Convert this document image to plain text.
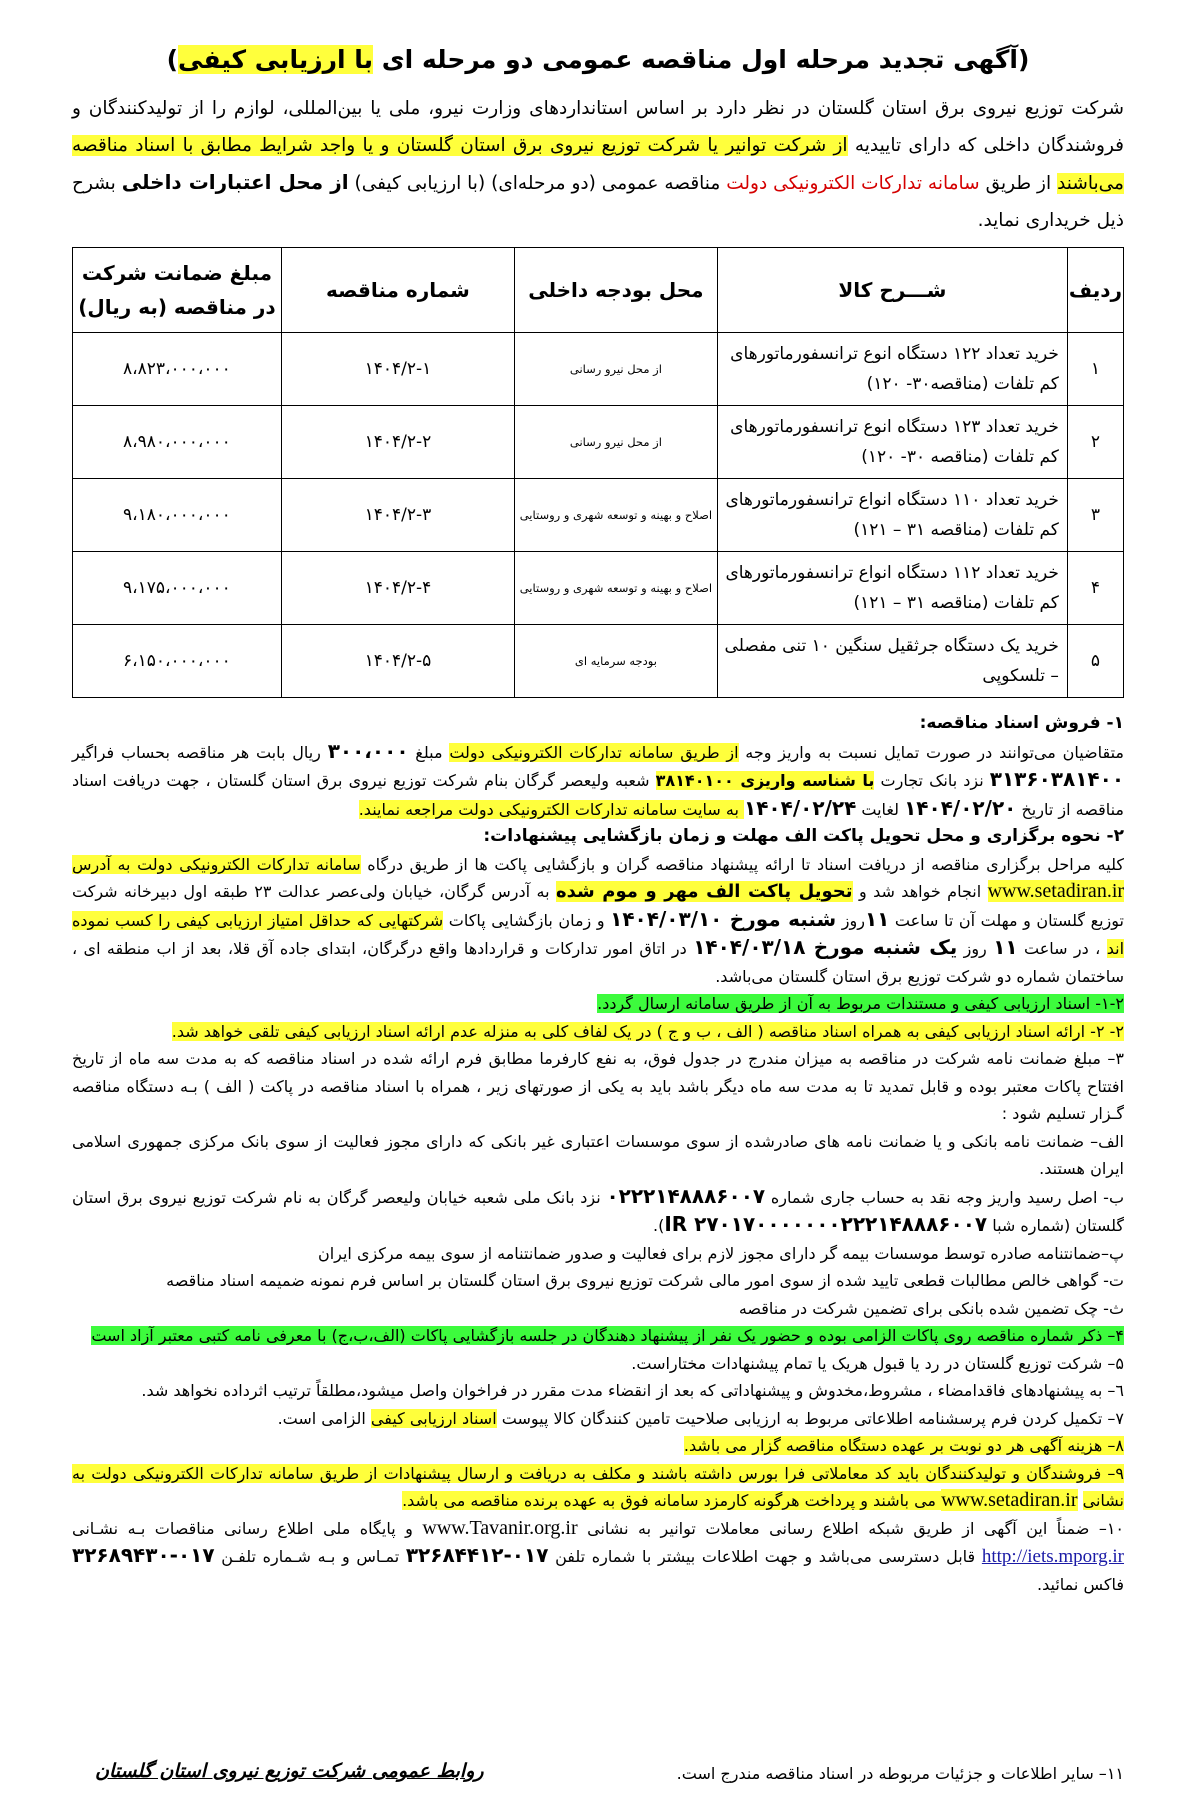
(آگهی تجدید مرحله اول مناقصه عمومی دو مرحله ای با ارزیابی کیفی)
شرکت توزیع نیروی برق استان گلستان در نظر دارد بر اساس استانداردهای وزارت نیرو، ملی یا بین‌المللی، لوازم را از تولیدکنندگان و فروشندگان داخلی که دارای تاییدیه از شرکت توانیر یا شرکت توزیع نیروی برق استان گلستان و یا واجد شرایط مطابق با اسناد مناقصه می‌باشند از طریق سامانه تدارکات الکترونیکی دولت مناقصه عمومی (دو مرحله‌ای) (با ارزیابی کیفی) از محل اعتبارات داخلی بشرح ذیل خریداری نماید.
ردیف	شـــرح کالا	محل بودجه داخلی	شماره مناقصه	مبلغ ضمانت شرکت در مناقصه (به ریال)
۱	خرید تعداد ۱۲۲ دستگاه انوع ترانسفورماتورهای کم تلفات (مناقصه۳۰- ۱۲۰)	از محل نیرو رسانی	۱۴۰۴/۲-۱	۸،۸۲۳،۰۰۰،۰۰۰
۲	خرید تعداد ۱۲۳ دستگاه انوع ترانسفورماتورهای کم تلفات (مناقصه ۳۰- ۱۲۰)	از محل نیرو رسانی	۱۴۰۴/۲-۲	۸،۹۸۰،۰۰۰،۰۰۰
۳	خرید تعداد ۱۱۰ دستگاه انواع ترانسفورماتورهای کم تلفات (مناقصه ۳۱ – ۱۲۱)	اصلاح و بهینه و توسعه شهری و روستایی	۱۴۰۴/۲-۳	۹،۱۸۰،۰۰۰،۰۰۰
۴	خرید تعداد ۱۱۲ دستگاه انواع ترانسفورماتورهای کم تلفات (مناقصه ۳۱ – ۱۲۱)	اصلاح و بهینه و توسعه شهری و روستایی	۱۴۰۴/۲-۴	۹،۱۷۵،۰۰۰،۰۰۰
۵	خرید یک دستگاه جرثقیل سنگین ۱۰ تنی مفصلی – تلسکوپی	بودجه سرمایه ای	۱۴۰۴/۲-۵	۶،۱۵۰،۰۰۰،۰۰۰

۱- فروش اسناد مناقصه:

متقاضیان می‌توانند در صورت تمایل نسبت به واریز وجه از طریق سامانه تدارکات الکترونیکی دولت مبلغ ۳۰۰،۰۰۰ ریال بابت هر مناقصه بحساب فراگیر ۳۱۳۶۰۳۸۱۴۰۰ نزد بانک تجارت با شناسه واریزی ۳۸۱۴۰۱۰۰ شعبه ولیعصر گرگان بنام شرکت توزیع نیروی برق استان گلستان ، جهت دریافت اسناد مناقصه از تاریخ ۱۴۰۴/۰۲/۲۰ لغایت ۱۴۰۴/۰۲/۲۴ به سایت سامانه تدارکات الکترونیکی دولت مراجعه نمایند.

۲- نحوه برگزاری و محل تحویل پاکت الف مهلت و زمان بازگشایی پیشنهادات:

کلیه مراحل برگزاری مناقصه از دریافت اسناد تا ارائه پیشنهاد مناقصه گران و بازگشایی پاکت ها از طریق درگاه سامانه تدارکات الکترونیکی دولت به آدرس www.setadiran.ir انجام خواهد شد و تحویل پاکت الف مهر و موم شده به آدرس گرگان، خیابان ولی‌عصر عدالت ۲۳ طبقه اول دبیرخانه شرکت توزیع گلستان و مهلت آن تا ساعت ۱۱روز شنبه مورخ ۱۴۰۴/۰۳/۱۰ و زمان بازگشایی پاکات شرکتهایی که حداقل امتیاز ارزیابی کیفی را کسب نموده اند ، در ساعت ۱۱ روز یک شنبه مورخ ۱۴۰۴/۰۳/۱۸ در اتاق امور تدارکات و قراردادها واقع درگرگان، ابتدای جاده آق قلا، بعد از اب منطقه ای ، ساختمان شماره دو شرکت توزیع برق استان گلستان می‌باشد.

۱-۲- اسناد ارزیابی کیفی و مستندات مربوط به آن از طریق سامانه ارسال گردد.

۲- ۲- ارائه اسناد ارزیابی کیفی به همراه اسناد مناقصه ( الف ، ب و ج ) در یک لفاف کلی به منزله عدم ارائه اسناد ارزیابی کیفی تلقی خواهد شد.

۳– مبلغ ضمانت نامه شرکت در مناقصه به میزان مندرج در جدول فوق، به نفع کارفرما مطابق فرم ارائه شده در اسناد مناقصه که به مدت سه ماه از تاریخ افتتاح پاکات معتبر بوده و قابل تمدید تا به مدت سه ماه دیگر باشد باید به یکی از صورتهای زیر ، همراه با اسناد مناقصه در پاکت ( الف ) بـه دستگاه مناقصه گـزار تسلیم شود :

الف– ضمانت نامه بانکی و یا ضمانت نامه های صادرشده از سوی موسسات اعتباری غیر بانکی که دارای مجوز فعالیت از سوی بانک مرکزی جمهوری اسلامی ایران هستند.

ب- اصل رسید واریز وجه نقد به حساب جاری شماره ۰۲۲۲۱۴۸۸۸۶۰۰۷ نزد بانک ملی شعبه خیابان ولیعصر گرگان به نام شرکت توزیع نیروی برق استان گلستان (شماره شبا IR ۲۷۰۱۷۰۰۰۰۰۰۰۲۲۲۱۴۸۸۸۶۰۰۷).

پ–ضمانتنامه صادره توسط موسسات بیمه گر دارای مجوز لازم برای فعالیت و صدور ضمانتنامه از سوی بیمه مرکزی ایران

ت- گواهی خالص مطالبات قطعی تایید شده از سوی امور مالی شرکت توزیع نیروی برق استان گلستان بر اساس فرم نمونه ضمیمه اسناد مناقصه

ث- چک تضمین شده بانکی برای تضمین شرکت در مناقصه

۴– ذکر شماره مناقصه روی پاکات الزامی بوده و حضور یک نفر از پیشنهاد دهندگان در جلسه بازگشایی پاکات (الف،ب،ج) با معرفی نامه کتبی معتبر آزاد است

۵– شرکت توزیع گلستان در رد یا قبول هریک یا تمام پیشنهادات مختاراست.

٦– به پیشنهادهای فاقدامضاء ، مشروط،مخدوش و پیشنهاداتی که بعد از انقضاء مدت مقرر در فراخوان واصل میشود،مطلقاً ترتیب اثرداده نخواهد شد.

۷– تکمیل کردن فرم پرسشنامه اطلاعاتی مربوط به ارزیابی صلاحیت تامین کنندگان کالا پیوست اسناد ارزیابی کیفی الزامی است.

۸– هزینه آگهی هر دو نوبت بر عهده دستگاه مناقصه گزار می باشد.

۹– فروشندگان و تولیدکنندگان باید کد معاملاتی فرا بورس داشته باشند و مکلف به دریافت و ارسال پیشنهادات از طریق سامانه تدارکات الکترونیکی دولت به نشانی www.setadiran.ir می باشند و پرداخت هرگونه کارمزد سامانه فوق به عهده برنده مناقصه می باشد.

۱۰– ضمناً این آگهی از طریق شبکه اطلاع رسانی معاملات توانیر به نشانی www.Tavanir.org.ir و پایگاه ملی اطلاع رسانی مناقصات بـه نشـانی http://iets.mporg.ir قابل دسترسی می‌باشد و جهت اطلاعات بیشتر با شماره تلفن ۰۱۷-۳۲۶۸۴۴۱۲ تمـاس و بـه شـماره تلفـن ۰۱۷-۳۲۶۸۹۴۳۰ فاکس نمائید.

۱۱– سایر اطلاعات و جزئیات مربوطه در اسناد مناقصه مندرج است.
روابط عمومی شرکت توزیع نیروی استان گلستان
